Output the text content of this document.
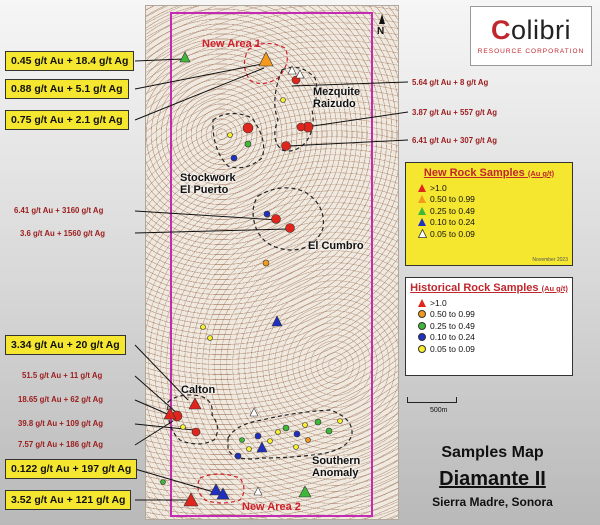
N	Colibri
RESOURCE CORPORATION
New Area 1
New Area 2
Mezquite
Raizudo
Stockwork
El Puerto
El Cumbro
Calton
Southern
Anomaly
0.45 g/t Au + 18.4 g/t Ag
0.88 g/t Au + 5.1 g/t Ag
0.75 g/t Au + 2.1 g/t Ag
3.34 g/t Au + 20 g/t Ag
0.122 g/t Au + 197 g/t Ag
3.52 g/t Au + 121 g/t Ag
5.64 g/t Au + 8 g/t Ag
3.87 g/t Au + 557 g/t Ag
6.41 g/t Au + 307 g/t Ag
6.41 g/t Au + 3160 g/t Ag
3.6 g/t Au + 1560 g/t Ag
51.5 g/t Au + 11 g/t Ag
18.65 g/t Au + 62 g/t Ag
39.8 g/t Au + 109 g/t Ag
7.57 g/t Au + 186 g/t Ag
New Rock Samples (Au g/t)
>1.0
0.50 to 0.99
0.25 to 0.49
0.10 to 0.24
0.05 to 0.09
November 2023
Historical Rock Samples (Au g/t)
>1.0
0.50 to 0.99
0.25 to 0.49
0.10 to 0.24
0.05 to 0.09
500m
Samples Map
Diamante II
Sierra Madre, Sonora
